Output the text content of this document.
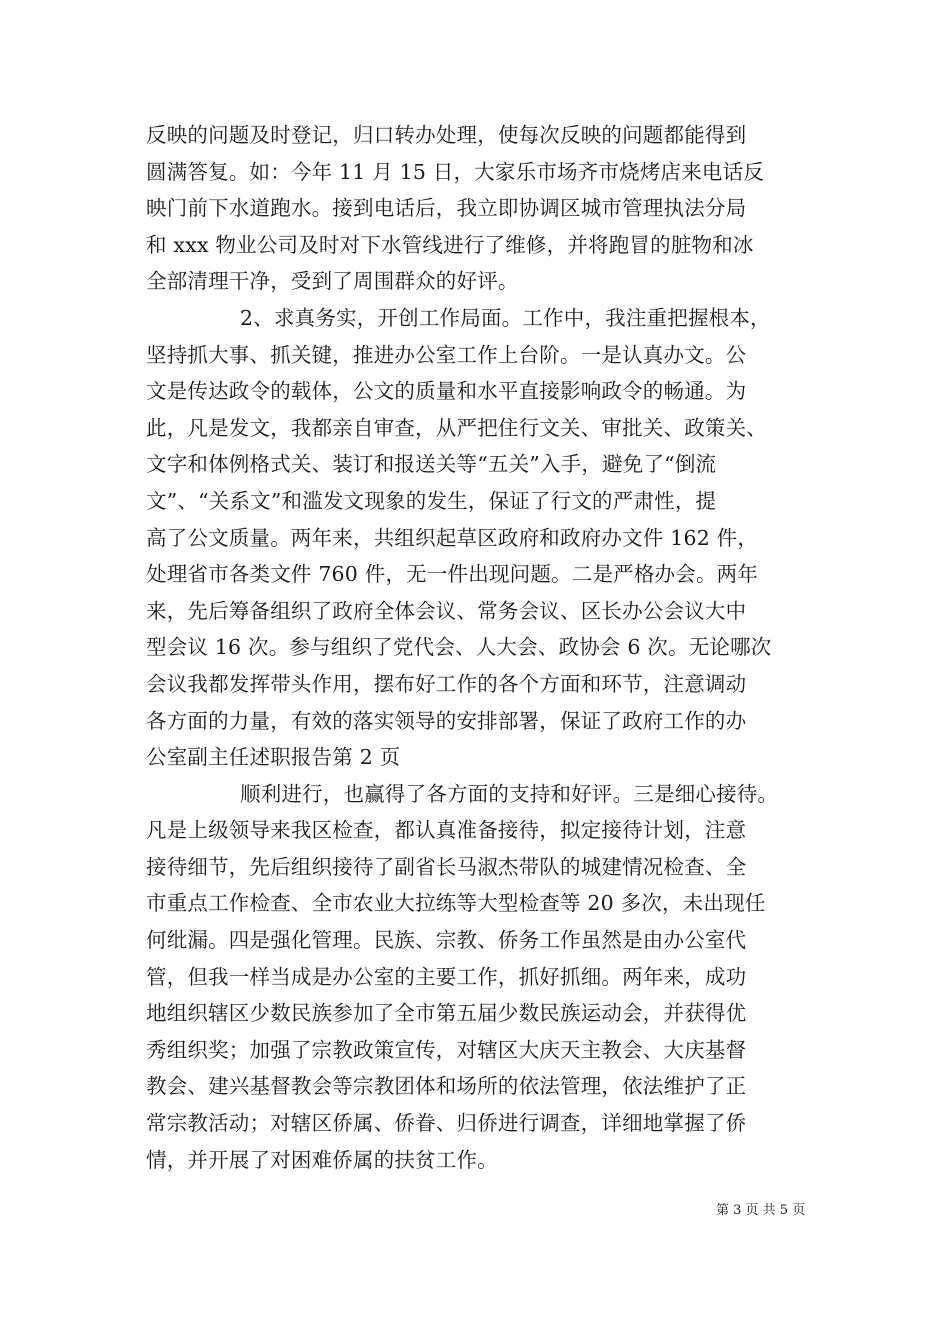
反映的问题及时登记，归口转办处理，使每次反映的问题都能得到
圆满答复。如：今年 11 月 15 日，大家乐市场齐市烧烤店来电话反
映门前下水道跑水。接到电话后，我立即协调区城市管理执法分局
和 xxx 物业公司及时对下水管线进行了维修，并将跑冒的脏物和冰
全部清理干净，受到了周围群众的好评。
2、求真务实，开创工作局面。工作中，我注重把握根本，
坚持抓大事、抓关键，推进办公室工作上台阶。一是认真办文。公
文是传达政令的载体，公文的质量和水平直接影响政令的畅通。为
此，凡是发文，我都亲自审查，从严把住行文关、审批关、政策关、
文字和体例格式关、装订和报送关等“五关”入手，避免了“倒流
文”、“关系文”和滥发文现象的发生，保证了行文的严肃性，提
高了公文质量。两年来，共组织起草区政府和政府办文件 162 件，
处理省市各类文件 760 件，无一件出现问题。二是严格办会。两年
来，先后筹备组织了政府全体会议、常务会议、区长办公会议大中
型会议 16 次。参与组织了党代会、人大会、政协会 6 次。无论哪次
会议我都发挥带头作用，摆布好工作的各个方面和环节，注意调动
各方面的力量，有效的落实领导的安排部署，保证了政府工作的办
公室副主任述职报告第 2 页
顺利进行，也赢得了各方面的支持和好评。三是细心接待。
凡是上级领导来我区检查，都认真准备接待，拟定接待计划，注意
接待细节，先后组织接待了副省长马淑杰带队的城建情况检查、全
市重点工作检查、全市农业大拉练等大型检查等 20 多次，未出现任
何纰漏。四是强化管理。民族、宗教、侨务工作虽然是由办公室代
管，但我一样当成是办公室的主要工作，抓好抓细。两年来，成功
地组织辖区少数民族参加了全市第五届少数民族运动会，并获得优
秀组织奖；加强了宗教政策宣传，对辖区大庆天主教会、大庆基督
教会、建兴基督教会等宗教团体和场所的依法管理，依法维护了正
常宗教活动；对辖区侨属、侨眷、归侨进行调查，详细地掌握了侨
情，并开展了对困难侨属的扶贫工作。
第 3 页 共 5 页
